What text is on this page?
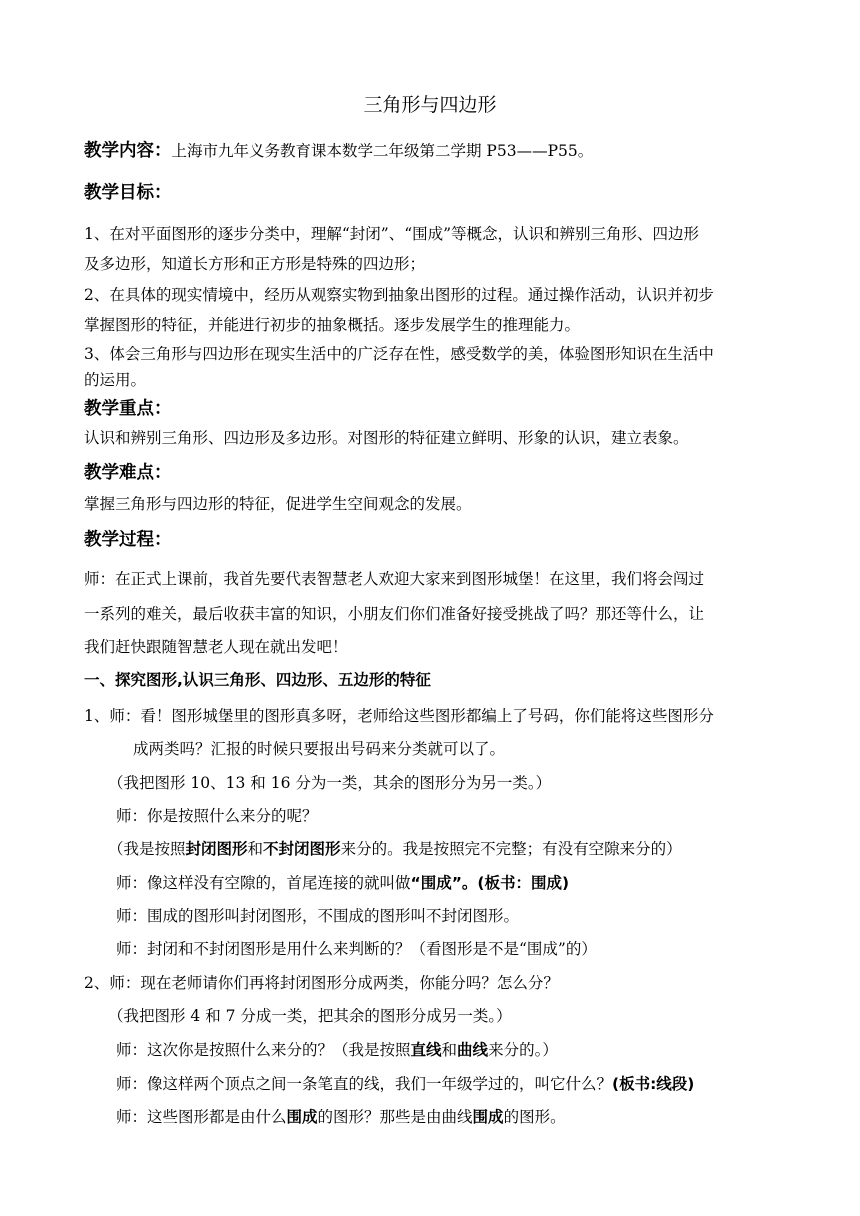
三角形与四边形
教学内容：上海市九年义务教育课本数学二年级第二学期 P53——P55。
教学目标：
1、在对平面图形的逐步分类中，理解“封闭”、“围成”等概念，认识和辨别三角形、四边形
及多边形，知道长方形和正方形是特殊的四边形；
2、在具体的现实情境中，经历从观察实物到抽象出图形的过程。通过操作活动，认识并初步
掌握图形的特征，并能进行初步的抽象概括。逐步发展学生的推理能力。
3、体会三角形与四边形在现实生活中的广泛存在性，感受数学的美，体验图形知识在生活中
的运用。
教学重点：
认识和辨别三角形、四边形及多边形。对图形的特征建立鲜明、形象的认识，建立表象。
教学难点：
掌握三角形与四边形的特征，促进学生空间观念的发展。
教学过程：
师：在正式上课前，我首先要代表智慧老人欢迎大家来到图形城堡！在这里，我们将会闯过
一系列的难关，最后收获丰富的知识，小朋友们你们准备好接受挑战了吗？那还等什么，让
我们赶快跟随智慧老人现在就出发吧！
一、探究图形,认识三角形、四边形、五边形的特征
1、师：看！图形城堡里的图形真多呀，老师给这些图形都编上了号码，你们能将这些图形分
成两类吗？汇报的时候只要报出号码来分类就可以了。
（我把图形 10、13 和 16 分为一类，其余的图形分为另一类。）
师：你是按照什么来分的呢？
（我是按照封闭图形和不封闭图形来分的。我是按照完不完整；有没有空隙来分的）
师：像这样没有空隙的，首尾连接的就叫做“围成”。(板书：围成)
师：围成的图形叫封闭图形，不围成的图形叫不封闭图形。
师：封闭和不封闭图形是用什么来判断的？（看图形是不是“围成”的）
2、师：现在老师请你们再将封闭图形分成两类，你能分吗？怎么分？
（我把图形 4 和 7 分成一类，把其余的图形分成另一类。）
师：这次你是按照什么来分的？（我是按照直线和曲线来分的。）
师：像这样两个顶点之间一条笔直的线，我们一年级学过的，叫它什么？(板书:线段)
师：这些图形都是由什么围成的图形？那些是由曲线围成的图形。
